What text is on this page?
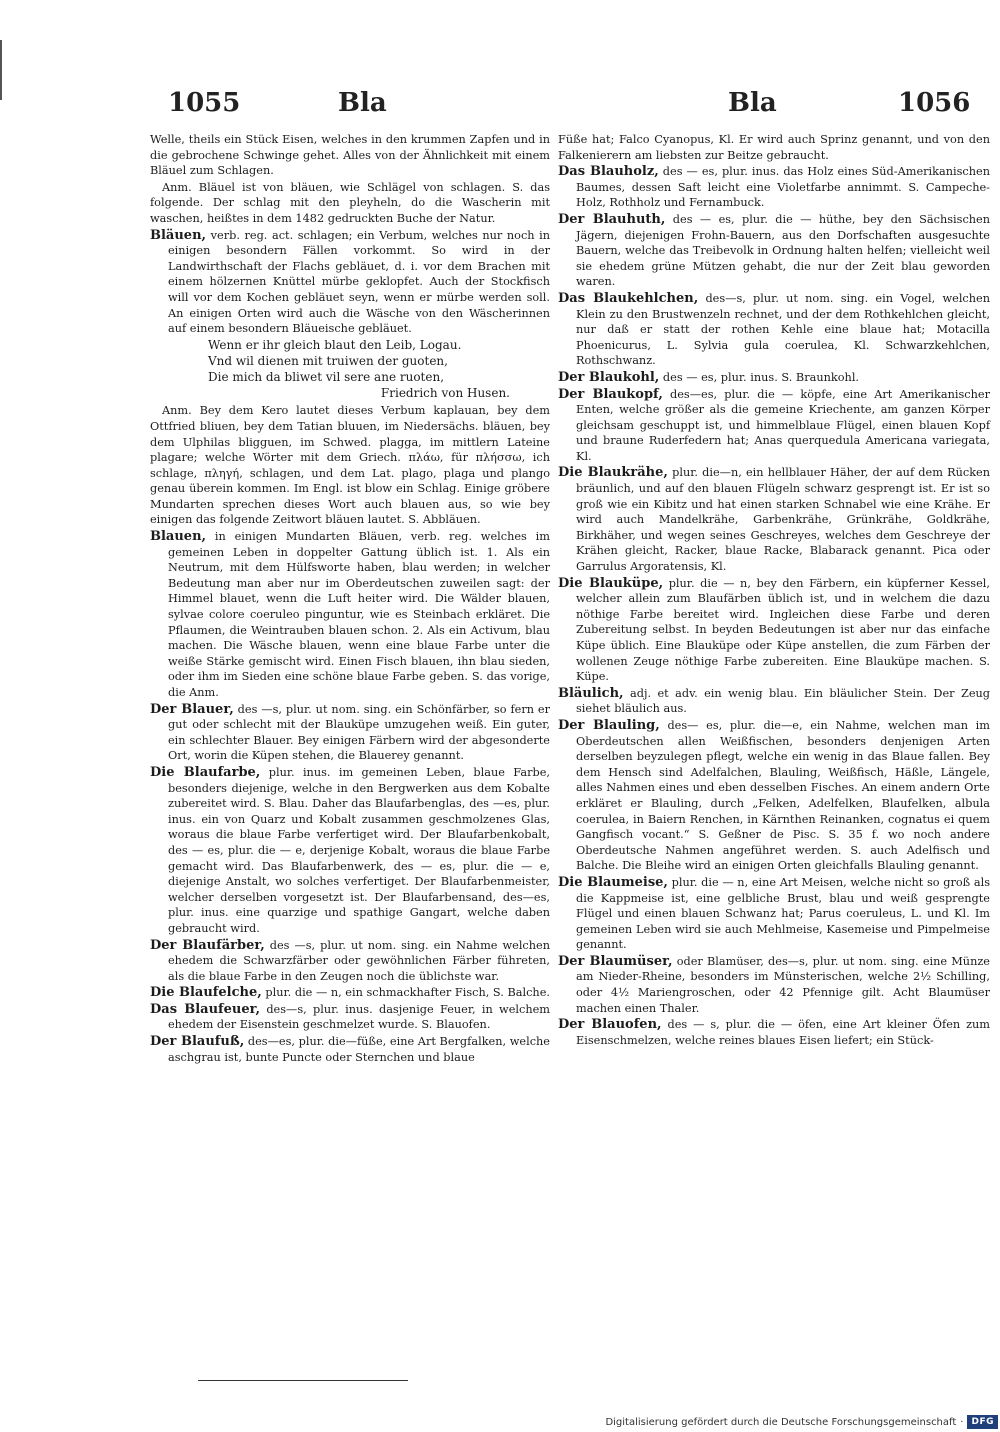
1055	Bla	Bla	1056
Welle, theils ein Stück Eisen, welches in den krummen Zapfen und in die gebrochene Schwinge gehet. Alles von der Ähnlichkeit mit einem Bläuel zum Schlagen.
Anm. Bläuel ist von bläuen, wie Schlägel von schlagen. S. das folgende. Der schlag mit den pleyheln, do die Wascherin mit waschen, heißtes in dem 1482 gedruckten Buche der Natur.
Bläuen, verb. reg. act. schlagen; ein Verbum, welches nur noch in einigen besondern Fällen vorkommt. So wird in der Landwirthschaft der Flachs gebläuet, d. i. vor dem Brachen mit einem hölzernen Knüttel mürbe geklopfet. Auch der Stockfisch will vor dem Kochen gebläuet seyn, wenn er mürbe werden soll. An einigen Orten wird auch die Wäsche von den Wäscherinnen auf einem besondern Bläueische gebläuet.
Wenn er ihr gleich blaut den Leib, Logau.
Vnd wil dienen mit truiwen der guoten,
Die mich da bliwet vil sere ane ruoten,
Friedrich von Husen.
Anm. Bey dem Kero lautet dieses Verbum kaplauan, bey dem Ottfried bliuen, bey dem Tatian bluuen, im Niedersächs. bläuen, bey dem Ulphilas bligguen, im Schwed. plagga, im mittlern Lateine plagare; welche Wörter mit dem Griech. πλάω, für πλήσσω, ich schlage, πληγή, schlagen, und dem Lat. plago, plaga und plango genau überein kommen. Im Engl. ist blow ein Schlag. Einige gröbere Mundarten sprechen dieses Wort auch blauen aus, so wie bey einigen das folgende Zeitwort bläuen lautet. S. Abbläuen.
Blauen, in einigen Mundarten Bläuen, verb. reg. welches im gemeinen Leben in doppelter Gattung üblich ist. 1. Als ein Neutrum, mit dem Hülfsworte haben, blau werden; in welcher Bedeutung man aber nur im Oberdeutschen zuweilen sagt: der Himmel blauet, wenn die Luft heiter wird. Die Wälder blauen, sylvae colore coeruleo pinguntur, wie es Steinbach erkläret. Die Pflaumen, die Weintrauben blauen schon. 2. Als ein Activum, blau machen. Die Wäsche blauen, wenn eine blaue Farbe unter die weiße Stärke gemischt wird. Einen Fisch blauen, ihn blau sieden, oder ihm im Sieden eine schöne blaue Farbe geben. S. das vorige, die Anm.
Der Blauer, des —s, plur. ut nom. sing. ein Schönfärber, so fern er gut oder schlecht mit der Blauküpe umzugehen weiß. Ein guter, ein schlechter Blauer. Bey einigen Färbern wird der abgesonderte Ort, worin die Küpen stehen, die Blauerey genannt.
Die Blaufarbe, plur. inus. im gemeinen Leben, blaue Farbe, besonders diejenige, welche in den Bergwerken aus dem Kobalte zubereitet wird. S. Blau. Daher das Blaufarbenglas, des —es, plur. inus. ein von Quarz und Kobalt zusammen geschmolzenes Glas, woraus die blaue Farbe verfertiget wird. Der Blaufarbenkobalt, des — es, plur. die — e, derjenige Kobalt, woraus die blaue Farbe gemacht wird. Das Blaufarbenwerk, des — es, plur. die — e, diejenige Anstalt, wo solches verfertiget. Der Blaufarbenmeister, welcher derselben vorgesetzt ist. Der Blaufarbensand, des—es, plur. inus. eine quarzige und spathige Gangart, welche daben gebraucht wird.
Der Blaufärber, des —s, plur. ut nom. sing. ein Nahme welchen ehedem die Schwarzfärber oder gewöhnlichen Färber führeten, als die blaue Farbe in den Zeugen noch die üblichste war.
Die Blaufelche, plur. die — n, ein schmackhafter Fisch, S. Balche.
Das Blaufeuer, des—s, plur. inus. dasjenige Feuer, in welchem ehedem der Eisenstein geschmelzet wurde. S. Blauofen.
Der Blaufuß, des—es, plur. die—füße, eine Art Bergfalken, welche aschgrau ist, bunte Puncte oder Sternchen und blaue
Füße hat; Falco Cyanopus, Kl. Er wird auch Sprinz genannt, und von den Falkenierern am liebsten zur Beitze gebraucht.
Das Blauholz, des — es, plur. inus. das Holz eines Süd-Amerikanischen Baumes, dessen Saft leicht eine Violetfarbe annimmt. S. Campeche-Holz, Rothholz und Fernambuck.
Der Blauhuth, des — es, plur. die — hüthe, bey den Sächsischen Jägern, diejenigen Frohn-Bauern, aus den Dorfschaften ausgesuchte Bauern, welche das Treibevolk in Ordnung halten helfen; vielleicht weil sie ehedem grüne Mützen gehabt, die nur der Zeit blau geworden waren.
Das Blaukehlchen, des—s, plur. ut nom. sing. ein Vogel, welchen Klein zu den Brustwenzeln rechnet, und der dem Rothkehlchen gleicht, nur daß er statt der rothen Kehle eine blaue hat; Motacilla Phoenicurus, L. Sylvia gula coerulea, Kl. Schwarzkehlchen, Rothschwanz.
Der Blaukohl, des — es, plur. inus. S. Braunkohl.
Der Blaukopf, des—es, plur. die — köpfe, eine Art Amerikanischer Enten, welche größer als die gemeine Kriechente, am ganzen Körper gleichsam geschuppt ist, und himmelblaue Flügel, einen blauen Kopf und braune Ruderfedern hat; Anas querquedula Americana variegata, Kl.
Die Blaukrähe, plur. die—n, ein hellblauer Häher, der auf dem Rücken bräunlich, und auf den blauen Flügeln schwarz gesprengt ist. Er ist so groß wie ein Kibitz und hat einen starken Schnabel wie eine Krähe. Er wird auch Mandelkrähe, Garbenkrähe, Grünkrähe, Goldkrähe, Birkhäher, und wegen seines Geschreyes, welches dem Geschreye der Krähen gleicht, Racker, blaue Racke, Blabarack genannt. Pica oder Garrulus Argoratensis, Kl.
Die Blauküpe, plur. die — n, bey den Färbern, ein küpferner Kessel, welcher allein zum Blaufärben üblich ist, und in welchem die dazu nöthige Farbe bereitet wird. Ingleichen diese Farbe und deren Zubereitung selbst. In beyden Bedeutungen ist aber nur das einfache Küpe üblich. Eine Blauküpe oder Küpe anstellen, die zum Färben der wollenen Zeuge nöthige Farbe zubereiten. Eine Blauküpe machen. S. Küpe.
Bläulich, adj. et adv. ein wenig blau. Ein bläulicher Stein. Der Zeug siehet bläulich aus.
Der Blauling, des— es, plur. die—e, ein Nahme, welchen man im Oberdeutschen allen Weißfischen, besonders denjenigen Arten derselben beyzulegen pflegt, welche ein wenig in das Blaue fallen. Bey dem Hensch sind Adelfalchen, Blauling, Weißfisch, Häßle, Längele, alles Nahmen eines und eben desselben Fisches. An einem andern Orte erkläret er Blauling, durch „Felken, Adelfelken, Blaufelken, albula coerulea, in Baiern Renchen, in Kärnthen Reinanken, cognatus ei quem Gangfisch vocant.“ S. Geßner de Pisc. S. 35 f. wo noch andere Oberdeutsche Nahmen angeführet werden. S. auch Adelfisch und Balche. Die Bleihe wird an einigen Orten gleichfalls Blauling genannt.
Die Blaumeise, plur. die — n, eine Art Meisen, welche nicht so groß als die Kappmeise ist, eine gelbliche Brust, blau und weiß gesprengte Flügel und einen blauen Schwanz hat; Parus coeruleus, L. und Kl. Im gemeinen Leben wird sie auch Mehlmeise, Kasemeise und Pimpelmeise genannt.
Der Blaumüser, oder Blamüser, des—s, plur. ut nom. sing. eine Münze am Nieder-Rheine, besonders im Münsterischen, welche 2½ Schilling, oder 4½ Mariengroschen, oder 42 Pfennige gilt. Acht Blaumüser machen einen Thaler.
Der Blauofen, des — s, plur. die — öfen, eine Art kleiner Öfen zum Eisenschmelzen, welche reines blaues Eisen liefert; ein Stück-
Digitalisierung gefördert durch die Deutsche Forschungsgemeinschaft · DFG
